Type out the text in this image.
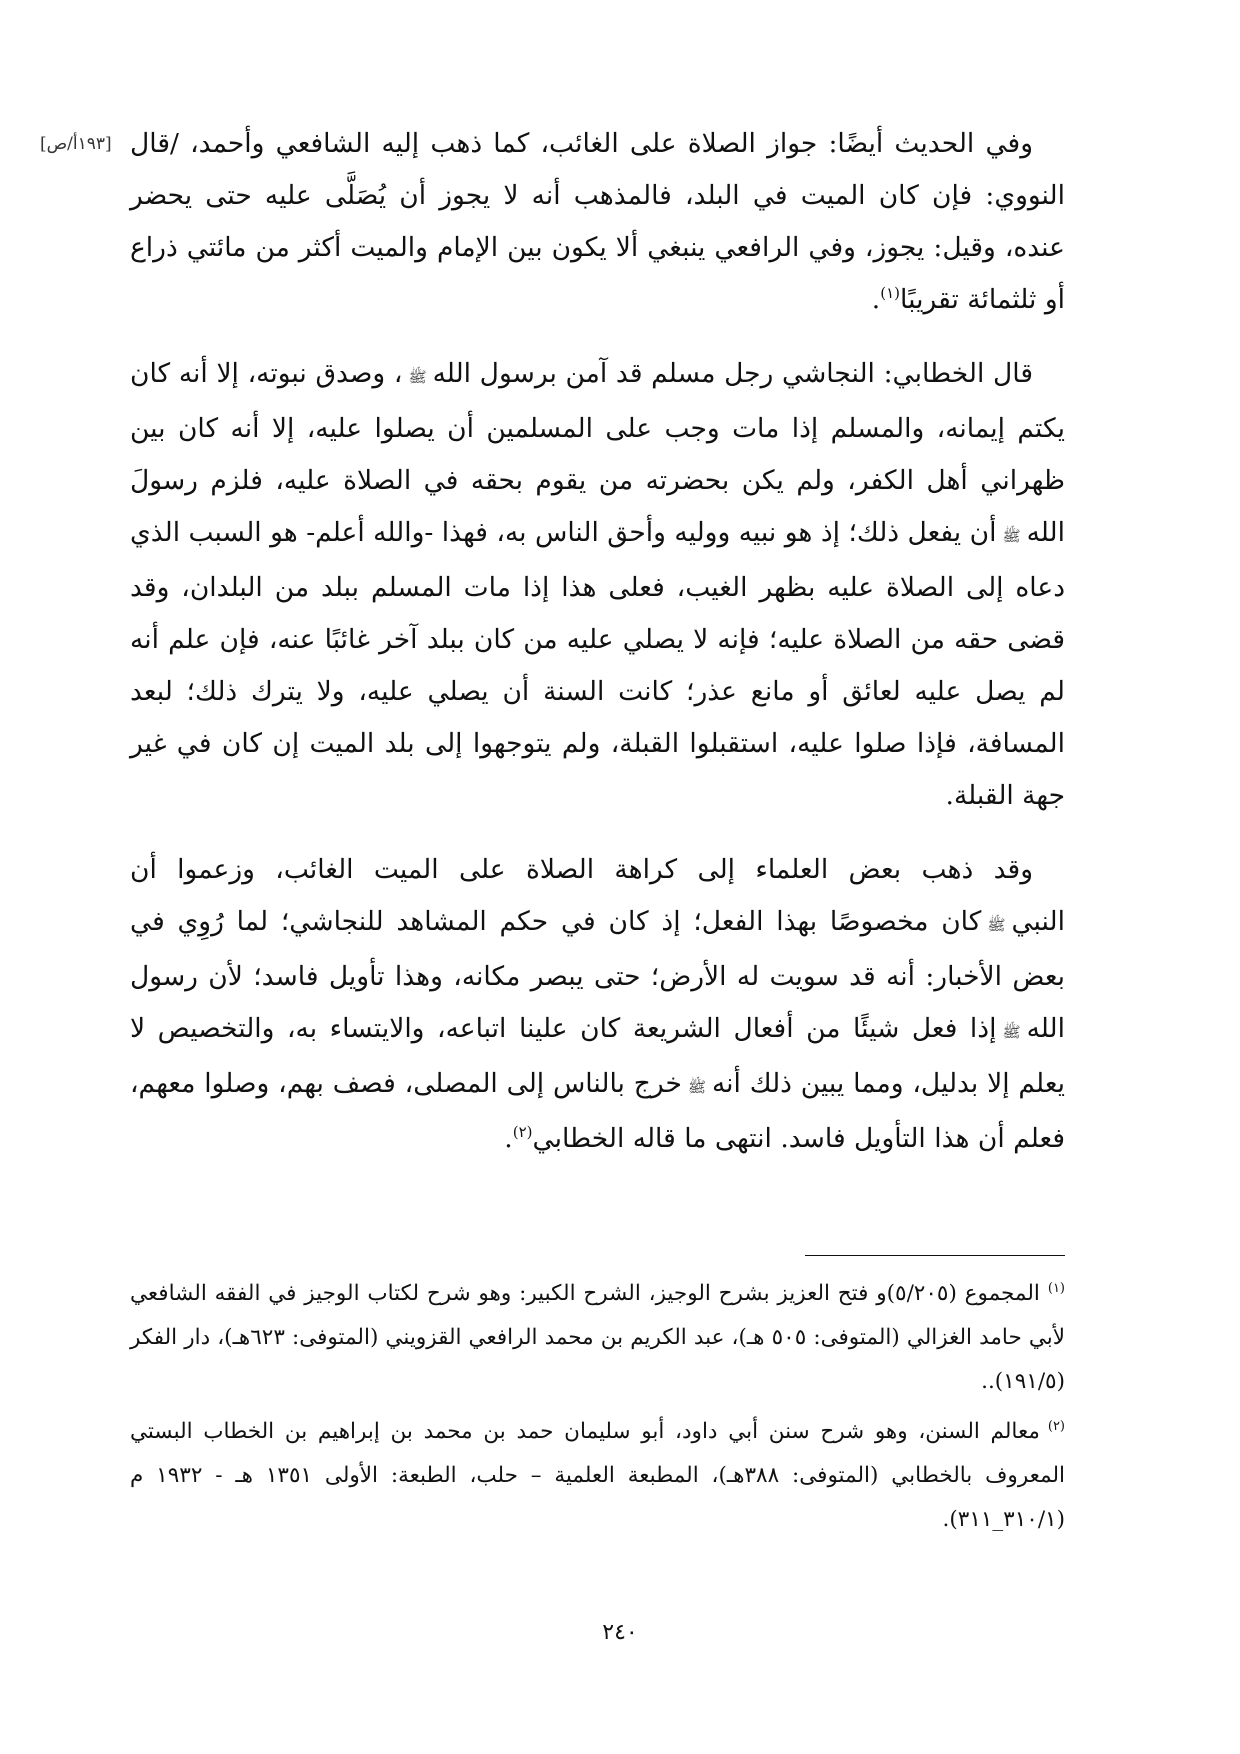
[١٩٣أ/ص] وفي الحديث أيضًا: جواز الصلاة على الغائب، كما ذهب إليه الشافعي وأحمد، /قال النووي: فإن كان الميت في البلد، فالمذهب أنه لا يجوز أن يُصَلَّى عليه حتى يحضر عنده، وقيل: يجوز، وفي الرافعي ينبغي ألا يكون بين الإمام والميت أكثر من مائتي ذراع أو ثلثمائة تقريبًا$^{(١)}$.

قال الخطابي: النجاشي رجل مسلم قد آمن برسول اللهﷺ، وصدق نبوته، إلا أنه كان يكتم إيمانه، والمسلم إذا مات وجب على المسلمين أن يصلوا عليه، إلا أنه كان بين ظهراني أهل الكفر، ولم يكن بحضرته من يقوم بحقه في الصلاة عليه، فلزم رسولَ اللهﷺأن يفعل ذلك؛ إذ هو نبيه ووليه وأحق الناس به، فهذا -والله أعلم- هو السبب الذي دعاه إلى الصلاة عليه بظهر الغيب، فعلى هذا إذا مات المسلم ببلد من البلدان، وقد قضى حقه من الصلاة عليه؛ فإنه لا يصلي عليه من كان ببلد آخر غائبًا عنه، فإن علم أنه لم يصل عليه لعائق أو مانع عذر؛ كانت السنة أن يصلي عليه، ولا يترك ذلك؛ لبعد المسافة، فإذا صلوا عليه، استقبلوا القبلة، ولم يتوجهوا إلى بلد الميت إن كان في غير جهة القبلة.

وقد ذهب بعض العلماء إلى كراهة الصلاة على الميت الغائب، وزعموا أن النبيﷺكان مخصوصًا بهذا الفعل؛ إذ كان في حكم المشاهد للنجاشي؛ لما رُوِي في بعض الأخبار: أنه قد سويت له الأرض؛ حتى يبصر مكانه، وهذا تأويل فاسد؛ لأن رسول اللهﷺإذا فعل شيئًا من أفعال الشريعة كان علينا اتباعه، والايتساء به، والتخصيص لا يعلم إلا بدليل، ومما يبين ذلك أنهﷺخرج بالناس إلى المصلى، فصف بهم، وصلوا معهم، فعلم أن هذا التأويل فاسد. انتهى ما قاله الخطابي$^{(٢)}$.

$^{(١)}$المجموع (٥/٢٠٥)و فتح العزيز بشرح الوجيز، الشرح الكبير: وهو شرح لكتاب الوجيز في الفقه الشافعي لأبي حامد الغزالي (المتوفى: ٥٠٥ هـ)، عبد الكريم بن محمد الرافعي القزويني (المتوفى: ٦٢٣هـ)، دار الفكر (١٩١/٥)..

$^{(٢)}$معالم السنن، وهو شرح سنن أبي داود، أبو سليمان حمد بن محمد بن إبراهيم بن الخطاب البستي المعروف بالخطابي (المتوفى: ٣٨٨هـ)، المطبعة العلمية – حلب، الطبعة: الأولى ١٣٥١ هـ - ١٩٣٢ م (٣١٠/١_٣١١).

٢٤٠
